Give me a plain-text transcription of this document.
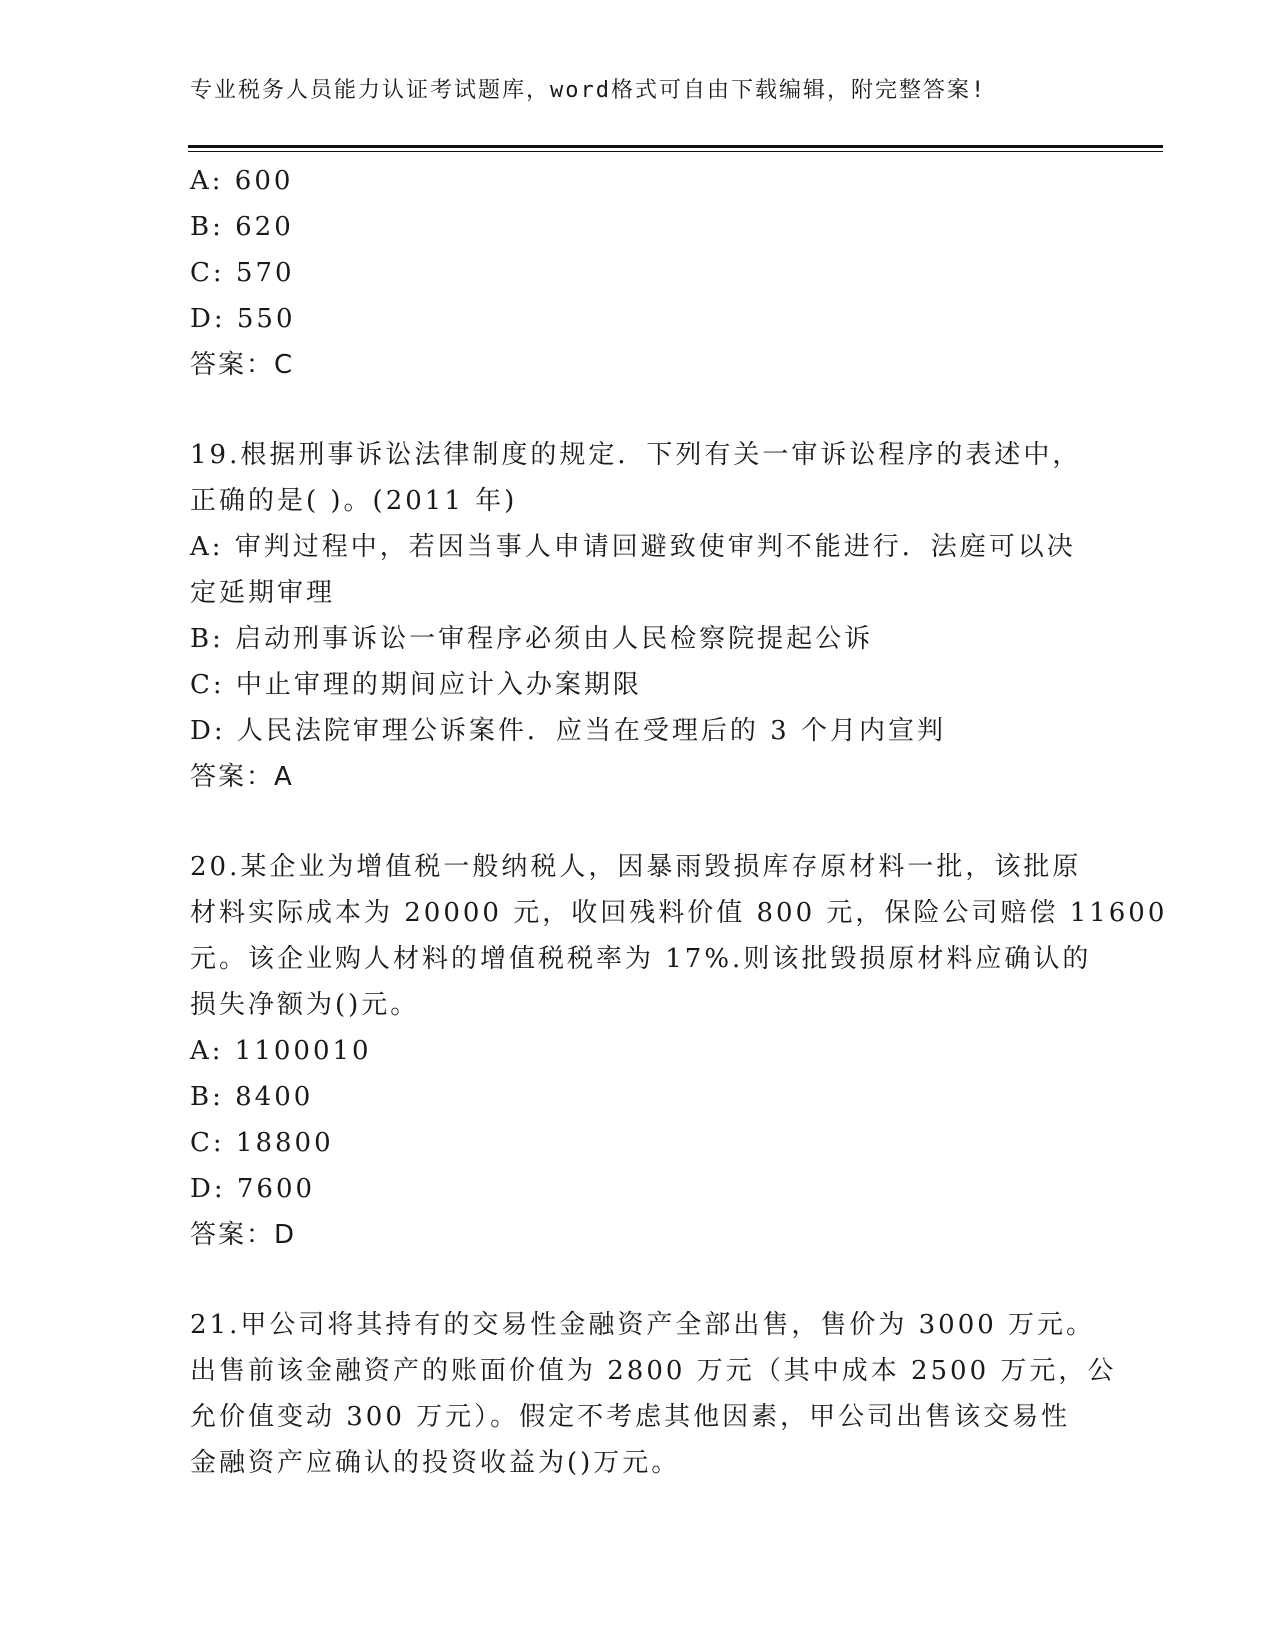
专业税务人员能力认证考试题库，word格式可自由下载编辑，附完整答案!
A: 600
B: 620
C: 570
D: 550
答案：C
19.根据刑事诉讼法律制度的规定．下列有关一审诉讼程序的表述中，
正确的是( )。(2011 年)
A: 审判过程中，若因当事人申请回避致使审判不能进行．法庭可以决
定延期审理
B: 启动刑事诉讼一审程序必须由人民检察院提起公诉
C: 中止审理的期间应计入办案期限
D: 人民法院审理公诉案件．应当在受理后的 3 个月内宣判
答案：A
20.某企业为增值税一般纳税人，因暴雨毁损库存原材料一批，该批原
材料实际成本为 20000 元，收回残料价值 800 元，保险公司赔偿 11600
元。该企业购人材料的增值税税率为 17%.则该批毁损原材料应确认的
损失净额为()元。
A: 1100010
B: 8400
C: 18800
D: 7600
答案：D
21.甲公司将其持有的交易性金融资产全部出售，售价为 3000 万元。
出售前该金融资产的账面价值为 2800 万元（其中成本 2500 万元，公
允价值变动 300 万元）。假定不考虑其他因素，甲公司出售该交易性
金融资产应确认的投资收益为()万元。
